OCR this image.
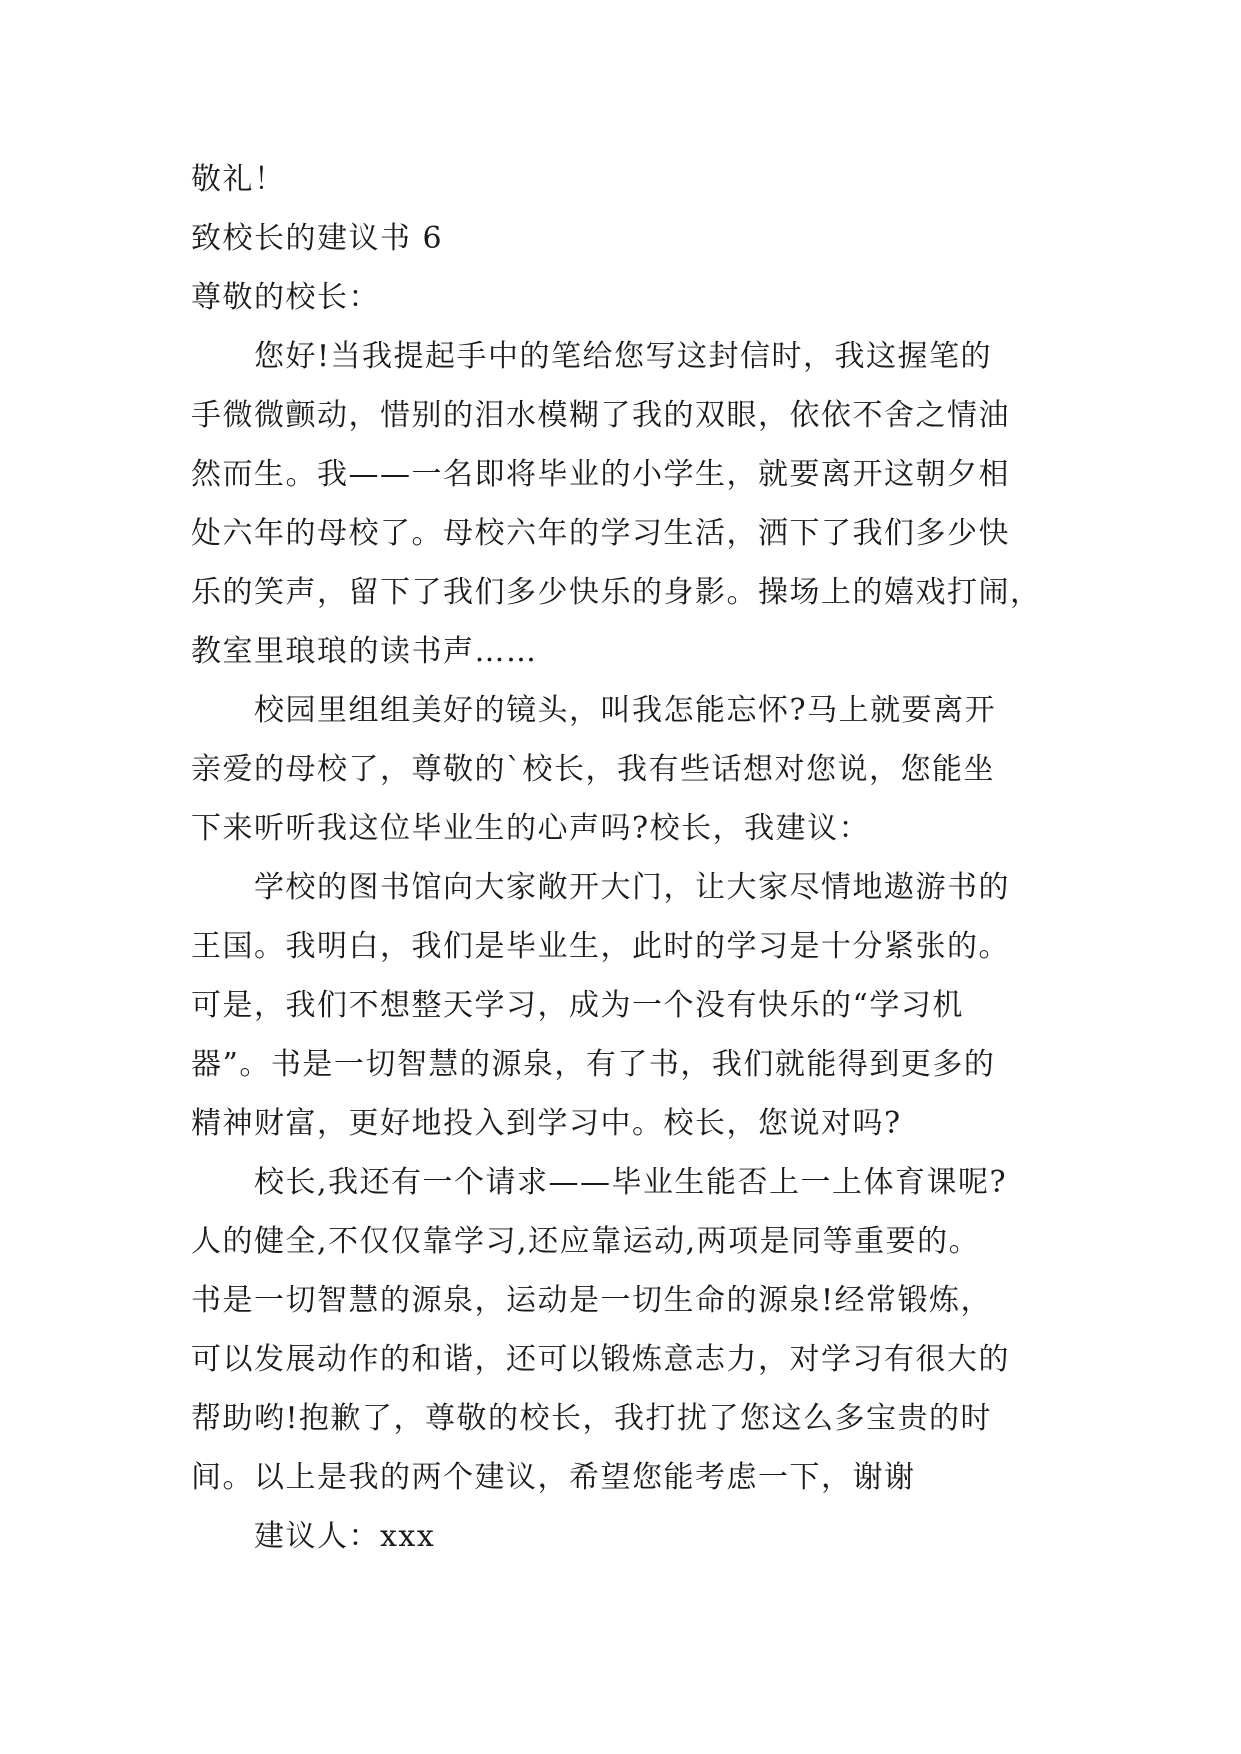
敬礼！
致校长的建议书 6
尊敬的校长：
您好!当我提起手中的笔给您写这封信时，我这握笔的
手微微颤动，惜别的泪水模糊了我的双眼，依依不舍之情油
然而生。我——一名即将毕业的小学生，就要离开这朝夕相
处六年的母校了。母校六年的学习生活，洒下了我们多少快
乐的笑声，留下了我们多少快乐的身影。操场上的嬉戏打闹，
教室里琅琅的读书声……
校园里组组美好的镜头，叫我怎能忘怀?马上就要离开
亲爱的母校了，尊敬的`校长，我有些话想对您说，您能坐
下来听听我这位毕业生的心声吗?校长，我建议：
学校的图书馆向大家敞开大门，让大家尽情地遨游书的
王国。我明白，我们是毕业生，此时的学习是十分紧张的。
可是，我们不想整天学习，成为一个没有快乐的“学习机
器”。书是一切智慧的源泉，有了书，我们就能得到更多的
精神财富，更好地投入到学习中。校长，您说对吗?
校长,我还有一个请求——毕业生能否上一上体育课呢?
人的健全,不仅仅靠学习,还应靠运动,两项是同等重要的。
书是一切智慧的源泉，运动是一切生命的源泉!经常锻炼，
可以发展动作的和谐，还可以锻炼意志力，对学习有很大的
帮助哟!抱歉了，尊敬的校长，我打扰了您这么多宝贵的时
间。以上是我的两个建议，希望您能考虑一下，谢谢
建议人：xxx
